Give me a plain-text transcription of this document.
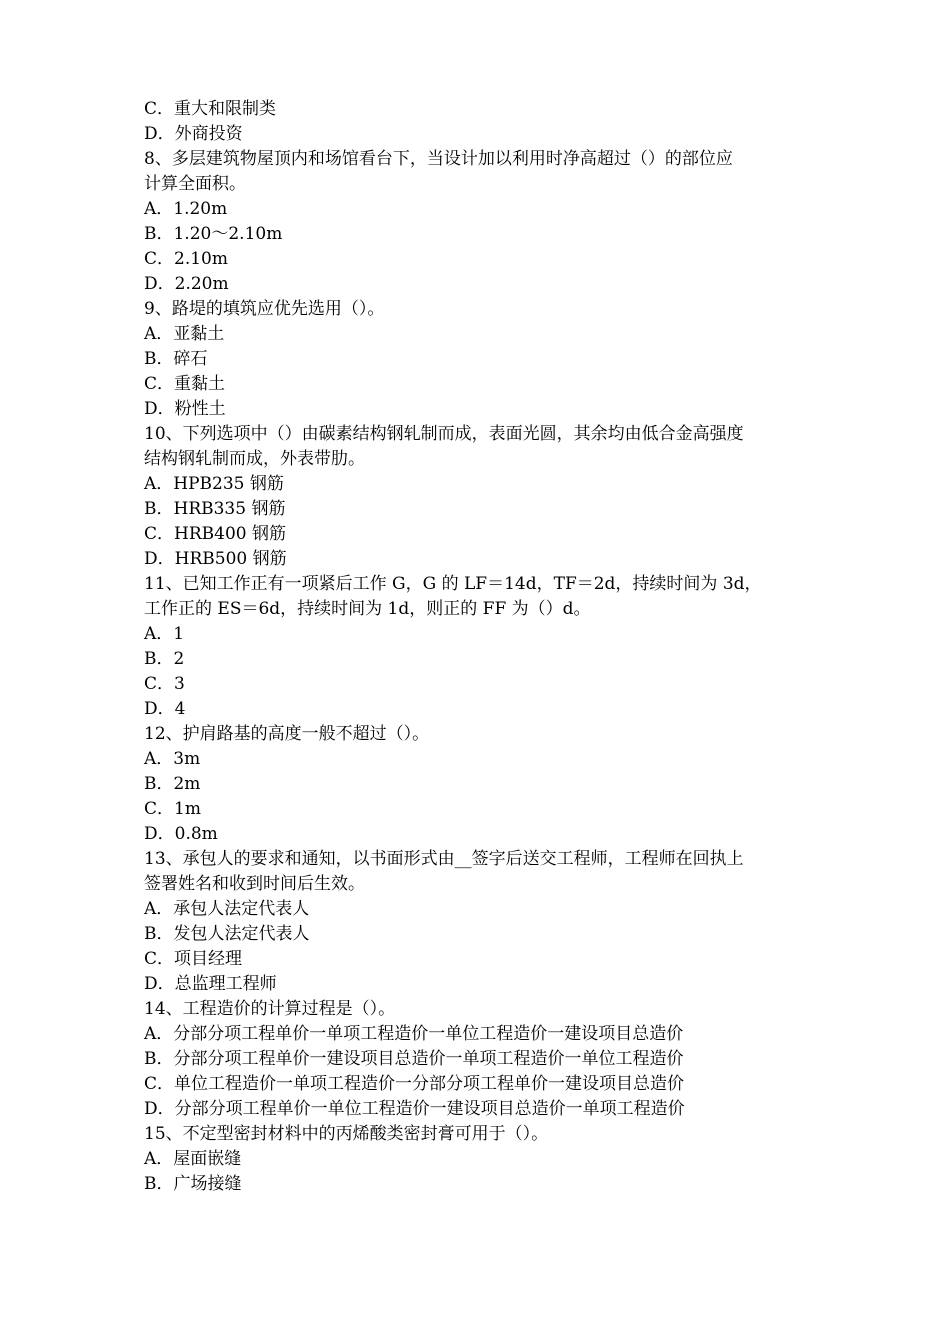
C．重大和限制类
D．外商投资
8、多层建筑物屋顶内和场馆看台下，当设计加以利用时净高超过（）的部位应
计算全面积。
A．1.20m
B．1.20～2.10m
C．2.10m
D．2.20m
9、路堤的填筑应优先选用（）。
A．亚黏土
B．碎石
C．重黏土
D．粉性土
10、下列选项中（）由碳素结构钢轧制而成，表面光圆，其余均由低合金高强度
结构钢轧制而成，外表带肋。
A．HPB235 钢筋
B．HRB335 钢筋
C．HRB400 钢筋
D．HRB500 钢筋
11、已知工作正有一项紧后工作 G，G 的 LF＝14d，TF＝2d，持续时间为 3d，
工作正的 ES＝6d，持续时间为 1d，则正的 FF 为（）d。
A．1
B．2
C．3
D．4
12、护肩路基的高度一般不超过（）。
A．3m
B．2m
C．1m
D．0.8m
13、承包人的要求和通知，以书面形式由__签字后送交工程师，工程师在回执上
签署姓名和收到时间后生效。
A．承包人法定代表人
B．发包人法定代表人
C．项目经理
D．总监理工程师
14、工程造价的计算过程是（）。
A．分部分项工程单价一单项工程造价一单位工程造价一建设项目总造价
B．分部分项工程单价一建设项目总造价一单项工程造价一单位工程造价
C．单位工程造价一单项工程造价一分部分项工程单价一建设项目总造价
D．分部分项工程单价一单位工程造价一建设项目总造价一单项工程造价
15、不定型密封材料中的丙烯酸类密封膏可用于（）。
A．屋面嵌缝
B．广场接缝
